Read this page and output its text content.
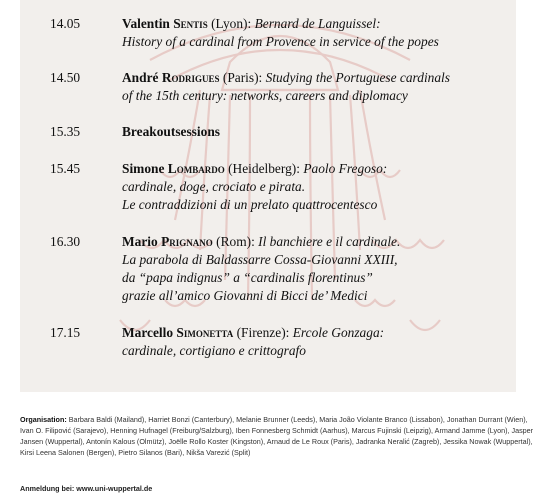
14.05	Valentin Sentis (Lyon): Bernard de Languissel:
History of a cardinal from Provence in service of the popes
14.50	André Rodrigues (Paris): Studying the Portuguese cardinals
of the 15th century: networks, careers and diplomacy
15.35	Breakoutsessions
15.45	Simone Lombardo (Heidelberg): Paolo Fregoso:
cardinale, doge, crociato e pirata.
Le contraddizioni di un prelato quattrocentesco
16.30	Mario Prignano (Rom): Il banchiere e il cardinale.
La parabola di Baldassarre Cossa-Giovanni XXIII,
da “papa indignus” a “cardinalis florentinus”
grazie all’amico Giovanni di Bicci de’ Medici
17.15	Marcello Simonetta (Firenze): Ercole Gonzaga:
cardinale, cortigiano e crittografo
Organisation: Barbara Baldi (Mailand), Harriet Bonzi (Canterbury), Melanie Brunner (Leeds), Maria João Violante Branco (Lissabon), Jonathan Durrant (Wien), Ivan O. Filipović (Sarajevo), Henning Hufnagel (Freiburg/Salzburg), Iben Fonnesberg Schmidt (Aarhus), Marcus Fujinski (Leipzig), Armand Jamme (Lyon), Jasper Jansen (Wuppertal), Antonín Kalous (Olmütz), Joëlle Rollo Koster (Kingston), Arnaud de Le Roux (Paris), Jadranka Neralić (Zagreb), Jessika Nowak (Wuppertal), Kirsi Leena Salonen (Bergen), Pietro Silanos (Bari), Nikša Varezić (Split)
Anmeldung bei: www.uni-wuppertal.de
